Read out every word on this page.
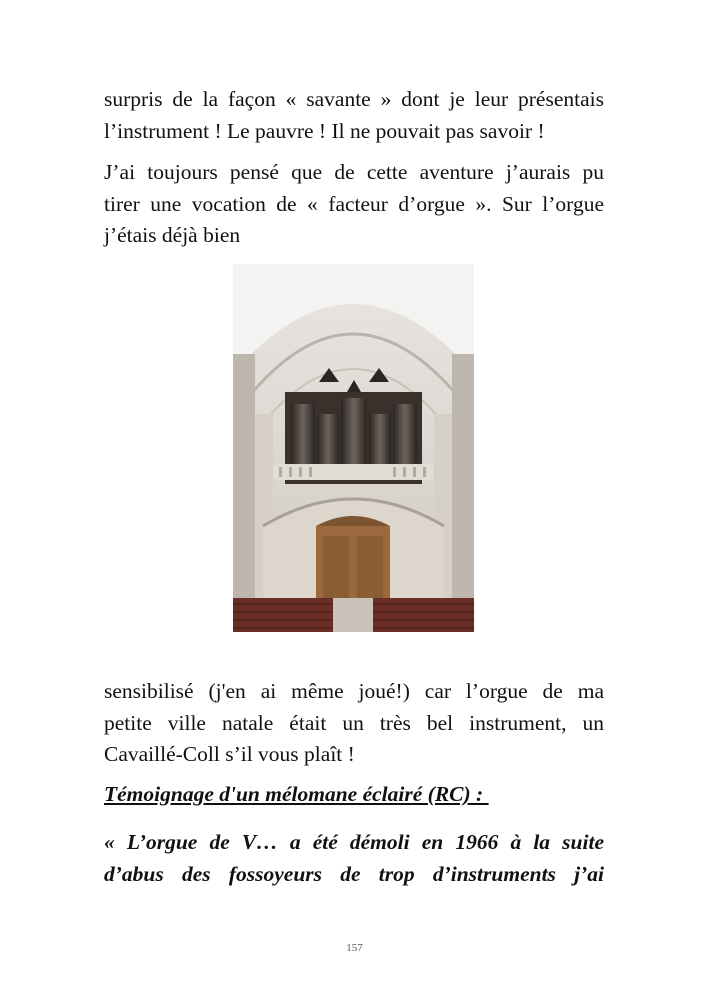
surpris de la façon « savante » dont je leur présentais
l’instrument ! Le pauvre ! Il ne pouvait pas savoir !
J’ai toujours pensé que de cette aventure j’aurais pu
tirer une vocation de « facteur d’orgue ». Sur l’orgue
j’étais déjà bien
sensibilisé (j'en ai même joué!) car l’orgue de ma
petite ville natale était un très bel instrument, un
Cavaillé-Coll s’il vous plaît !

Témoignage d'un mélomane éclairé (RC) :

« L’orgue de V… a été démoli en 1966 à la suite
d’abus des fossoyeurs de trop d’instruments j’ai
157
